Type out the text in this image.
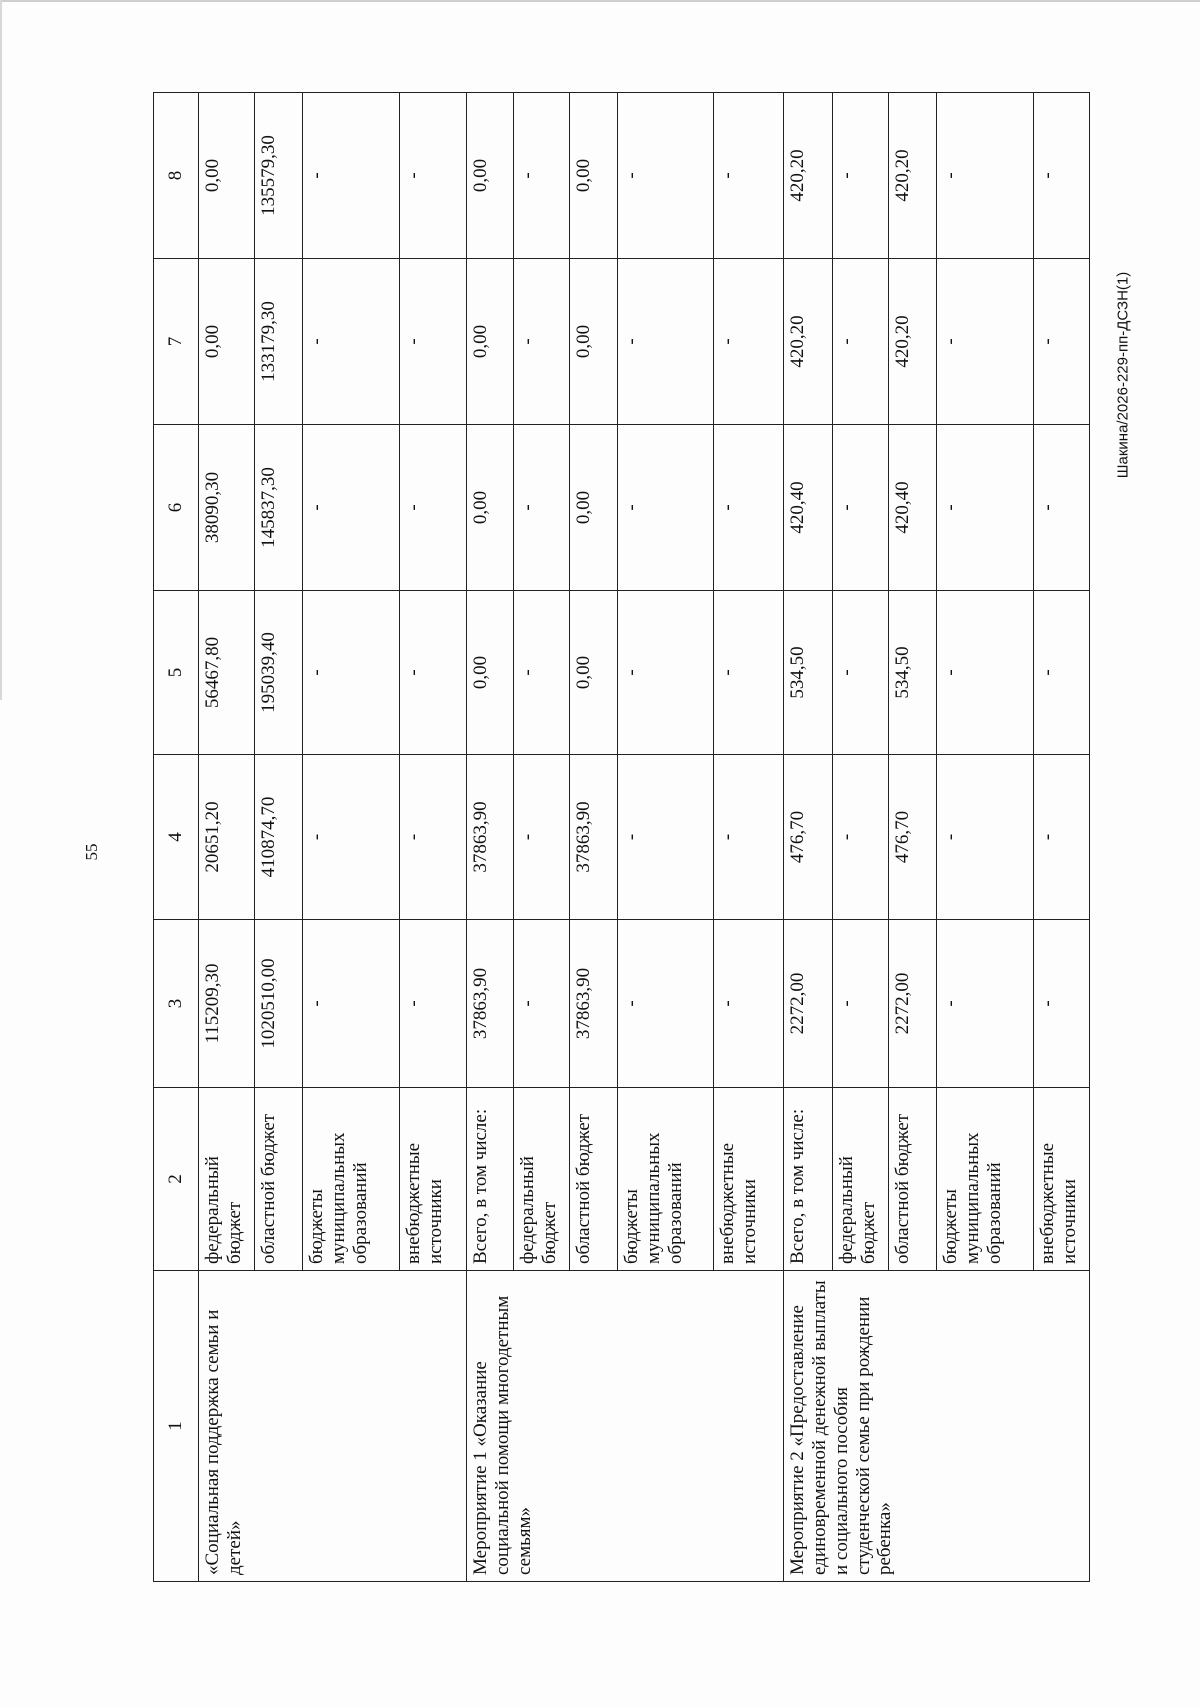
55
Шакина/2026-229-пп-ДСЗН(1)
1	2	3	4	5	6	7	8
«Социальная поддержка семьи и детей»	федеральный бюджет	115209,30	20651,20	56467,80	38090,30	0,00	0,00
	областной бюджет	1020510,00	410874,70	195039,40	145837,30	133179,30	135579,30
	бюджеты муниципальных образований	-	-	-	-	-	-
	внебюджетные источники	-	-	-	-	-	-
Мероприятие 1 «Оказание социальной помощи многодетным семьям»	Всего, в том числе:	37863,90	37863,90	0,00	0,00	0,00	0,00
	федеральный бюджет	-	-	-	-	-	-
	областной бюджет	37863,90	37863,90	0,00	0,00	0,00	0,00
	бюджеты муниципальных образований	-	-	-	-	-	-
	внебюджетные источники	-	-	-	-	-	-
Мероприятие 2 «Предоставление единовременной денежной выплаты и социального пособия студенческой семье при рождении ребенка»	Всего, в том числе:	2272,00	476,70	534,50	420,40	420,20	420,20
	федеральный бюджет	-	-	-	-	-	-
	областной бюджет	2272,00	476,70	534,50	420,40	420,20	420,20
	бюджеты муниципальных образований	-	-	-	-	-	-
	внебюджетные источники	-	-	-	-	-	-
